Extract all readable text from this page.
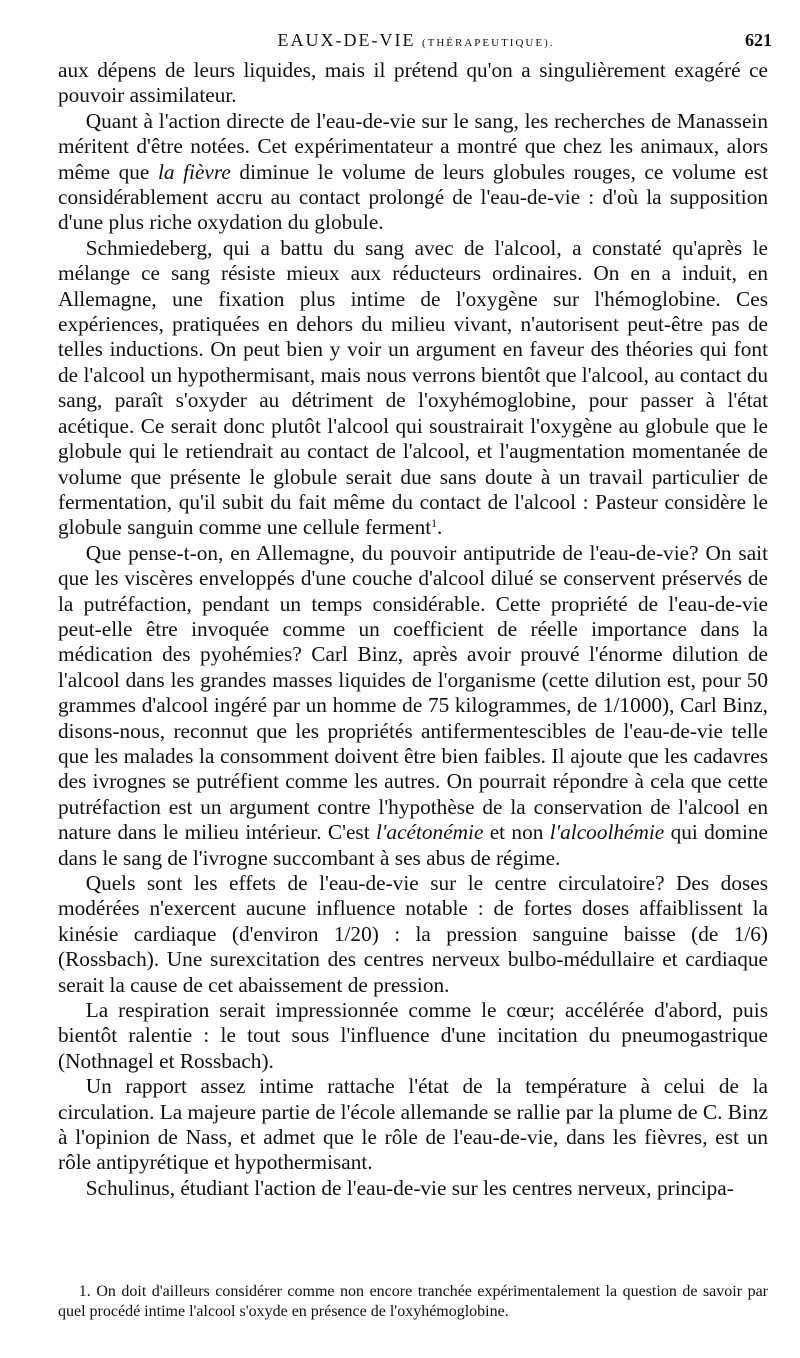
EAUX-DE-VIE (THÉRAPEUTIQUE).	621

aux dépens de leurs liquides, mais il prétend qu'on a singulièrement exagéré ce pouvoir assimilateur.

Quant à l'action directe de l'eau-de-vie sur le sang, les recherches de Manassein méritent d'être notées. Cet expérimentateur a montré que chez les animaux, alors même que la fièvre diminue le volume de leurs globules rouges, ce volume est considérablement accru au contact prolongé de l'eau-de-vie : d'où la supposition d'une plus riche oxydation du globule.

Schmiedeberg, qui a battu du sang avec de l'alcool, a constaté qu'après le mélange ce sang résiste mieux aux réducteurs ordinaires. On en a induit, en Allemagne, une fixation plus intime de l'oxygène sur l'hémoglobine. Ces expériences, pratiquées en dehors du milieu vivant, n'autorisent peut-être pas de telles inductions. On peut bien y voir un argument en faveur des théories qui font de l'alcool un hypothermisant, mais nous verrons bientôt que l'alcool, au contact du sang, paraît s'oxyder au détriment de l'oxyhémoglobine, pour passer à l'état acétique. Ce serait donc plutôt l'alcool qui soustrairait l'oxygène au globule que le globule qui le retiendrait au contact de l'alcool, et l'augmentation momentanée de volume que présente le globule serait due sans doute à un travail particulier de fermentation, qu'il subit du fait même du contact de l'alcool : Pasteur considère le globule sanguin comme une cellule ferment$^1$.

Que pense-t-on, en Allemagne, du pouvoir antiputride de l'eau-de-vie? On sait que les viscères enveloppés d'une couche d'alcool dilué se conservent préservés de la putréfaction, pendant un temps considérable. Cette propriété de l'eau-de-vie peut-elle être invoquée comme un coefficient de réelle importance dans la médication des pyohémies? Carl Binz, après avoir prouvé l'énorme dilution de l'alcool dans les grandes masses liquides de l'organisme (cette dilution est, pour 50 grammes d'alcool ingéré par un homme de 75 kilogrammes, de 1/1000), Carl Binz, disons-nous, reconnut que les propriétés antifermentescibles de l'eau-de-vie telle que les malades la consomment doivent être bien faibles. Il ajoute que les cadavres des ivrognes se putréfient comme les autres. On pourrait répondre à cela que cette putréfaction est un argument contre l'hypothèse de la conservation de l'alcool en nature dans le milieu intérieur. C'est l'acétonémie et non l'alcoolhémie qui domine dans le sang de l'ivrogne succombant à ses abus de régime.

Quels sont les effets de l'eau-de-vie sur le centre circulatoire? Des doses modérées n'exercent aucune influence notable : de fortes doses affaiblissent la kinésie cardiaque (d'environ 1/20) : la pression sanguine baisse (de 1/6) (Rossbach). Une surexcitation des centres nerveux bulbo-médullaire et cardiaque serait la cause de cet abaissement de pression.

La respiration serait impressionnée comme le cœur; accélérée d'abord, puis bientôt ralentie : le tout sous l'influence d'une incitation du pneumogastrique (Nothnagel et Rossbach).

Un rapport assez intime rattache l'état de la température à celui de la circulation. La majeure partie de l'école allemande se rallie par la plume de C. Binz à l'opinion de Nass, et admet que le rôle de l'eau-de-vie, dans les fièvres, est un rôle antipyrétique et hypothermisant.

Schulinus, étudiant l'action de l'eau-de-vie sur les centres nerveux, principa-

1. On doit d'ailleurs considérer comme non encore tranchée expérimentalement la question de savoir par quel procédé intime l'alcool s'oxyde en présence de l'oxyhémoglobine.
